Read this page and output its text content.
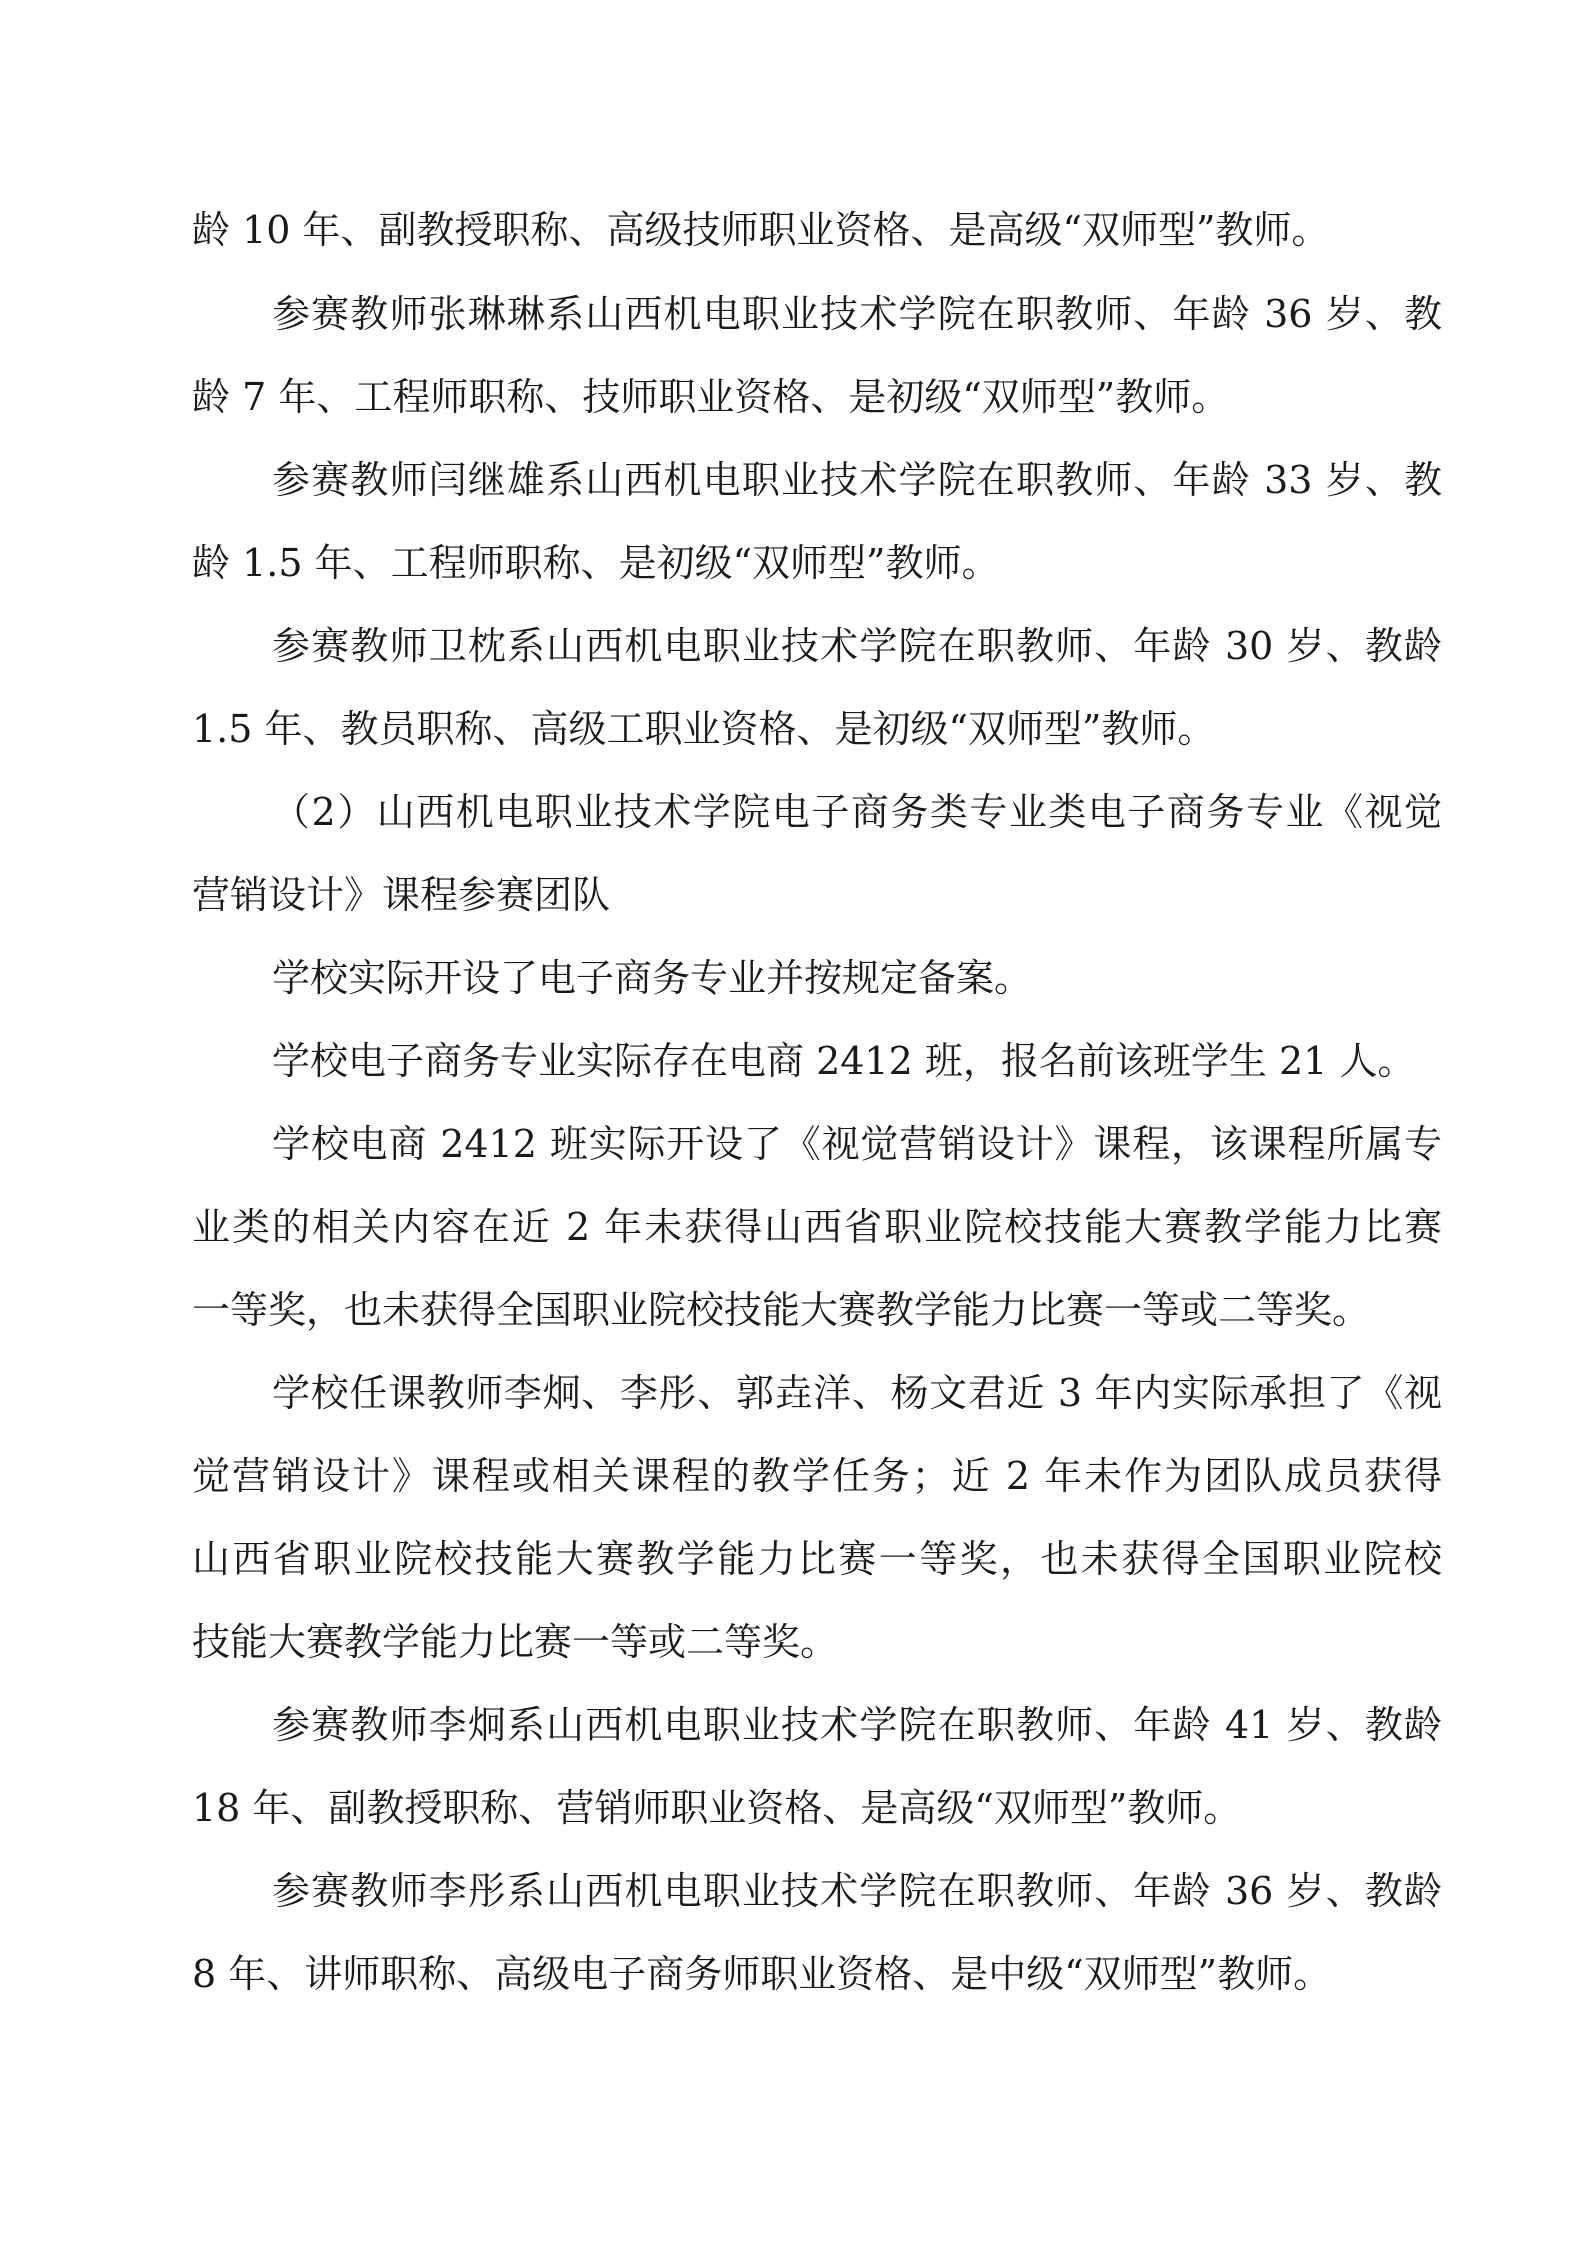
龄 10 年、副教授职称、高级技师职业资格、是高级“双师型”教师。
参赛教师张琳琳系山西机电职业技术学院在职教师、年龄 36 岁、教
龄 7 年、工程师职称、技师职业资格、是初级“双师型”教师。
参赛教师闫继雄系山西机电职业技术学院在职教师、年龄 33 岁、教
龄 1.5 年、工程师职称、是初级“双师型”教师。
参赛教师卫枕系山西机电职业技术学院在职教师、年龄 30 岁、教龄
1.5 年、教员职称、高级工职业资格、是初级“双师型”教师。
（2）山西机电职业技术学院电子商务类专业类电子商务专业《视觉
营销设计》课程参赛团队
学校实际开设了电子商务专业并按规定备案。
学校电子商务专业实际存在电商 2412 班，报名前该班学生 21 人。
学校电商 2412 班实际开设了《视觉营销设计》课程，该课程所属专
业类的相关内容在近 2 年未获得山西省职业院校技能大赛教学能力比赛
一等奖，也未获得全国职业院校技能大赛教学能力比赛一等或二等奖。
学校任课教师李炯、李彤、郭垚洋、杨文君近 3 年内实际承担了《视
觉营销设计》课程或相关课程的教学任务；近 2 年未作为团队成员获得
山西省职业院校技能大赛教学能力比赛一等奖，也未获得全国职业院校
技能大赛教学能力比赛一等或二等奖。
参赛教师李炯系山西机电职业技术学院在职教师、年龄 41 岁、教龄
18 年、副教授职称、营销师职业资格、是高级“双师型”教师。
参赛教师李彤系山西机电职业技术学院在职教师、年龄 36 岁、教龄
8 年、讲师职称、高级电子商务师职业资格、是中级“双师型”教师。
